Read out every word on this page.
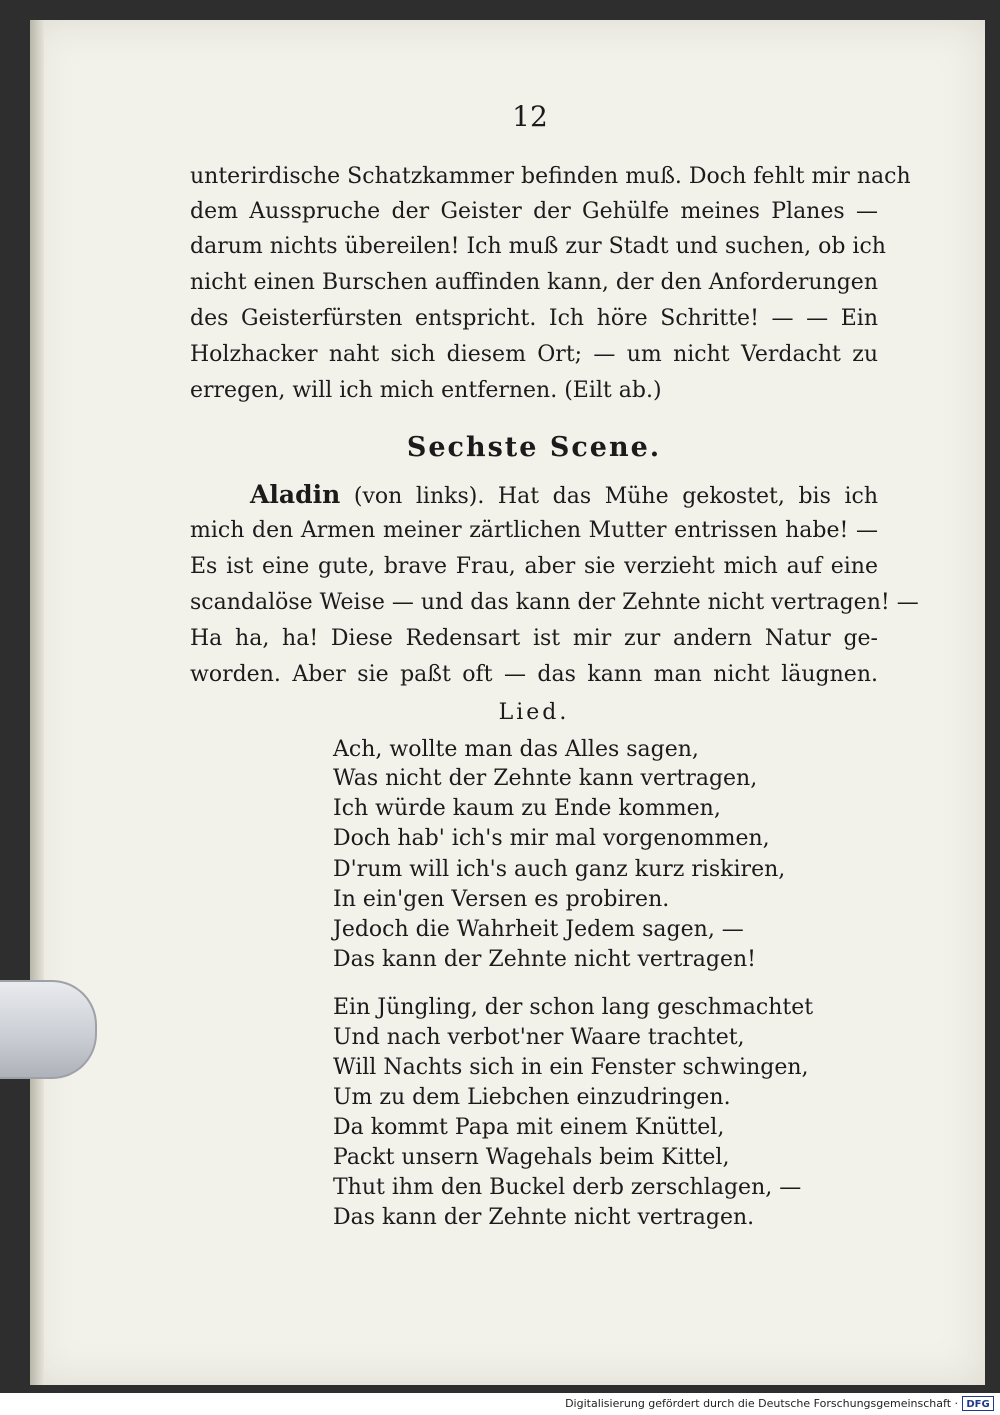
12
unterirdische Schatzkammer befinden muß. Doch fehlt mir nach
dem Ausspruche der Geister der Gehülfe meines Planes —
darum nichts übereilen! Ich muß zur Stadt und suchen, ob ich
nicht einen Burschen auffinden kann, der den Anforderungen
des Geisterfürsten entspricht. Ich höre Schritte! — — Ein
Holzhacker naht sich diesem Ort; — um nicht Verdacht zu
erregen, will ich mich entfernen. (Eilt ab.)
Sechste Scene.
Aladin (von links). Hat das Mühe gekostet, bis ich
mich den Armen meiner zärtlichen Mutter entrissen habe! —
Es ist eine gute, brave Frau, aber sie verzieht mich auf eine
scandalöse Weise — und das kann der Zehnte nicht vertragen! —
Ha ha, ha! Diese Redensart ist mir zur andern Natur ge-
worden. Aber sie paßt oft — das kann man nicht läugnen.
Lied.
Ach, wollte man das Alles sagen,
Was nicht der Zehnte kann vertragen,
Ich würde kaum zu Ende kommen,
Doch hab' ich's mir mal vorgenommen,
D'rum will ich's auch ganz kurz riskiren,
In ein'gen Versen es probiren.
Jedoch die Wahrheit Jedem sagen, —
Das kann der Zehnte nicht vertragen!
Ein Jüngling, der schon lang geschmachtet
Und nach verbot'ner Waare trachtet,
Will Nachts sich in ein Fenster schwingen,
Um zu dem Liebchen einzudringen.
Da kommt Papa mit einem Knüttel,
Packt unsern Wagehals beim Kittel,
Thut ihm den Buckel derb zerschlagen, —
Das kann der Zehnte nicht vertragen.
Digitalisierung gefördert durch die Deutsche Forschungsgemeinschaft · DFG
